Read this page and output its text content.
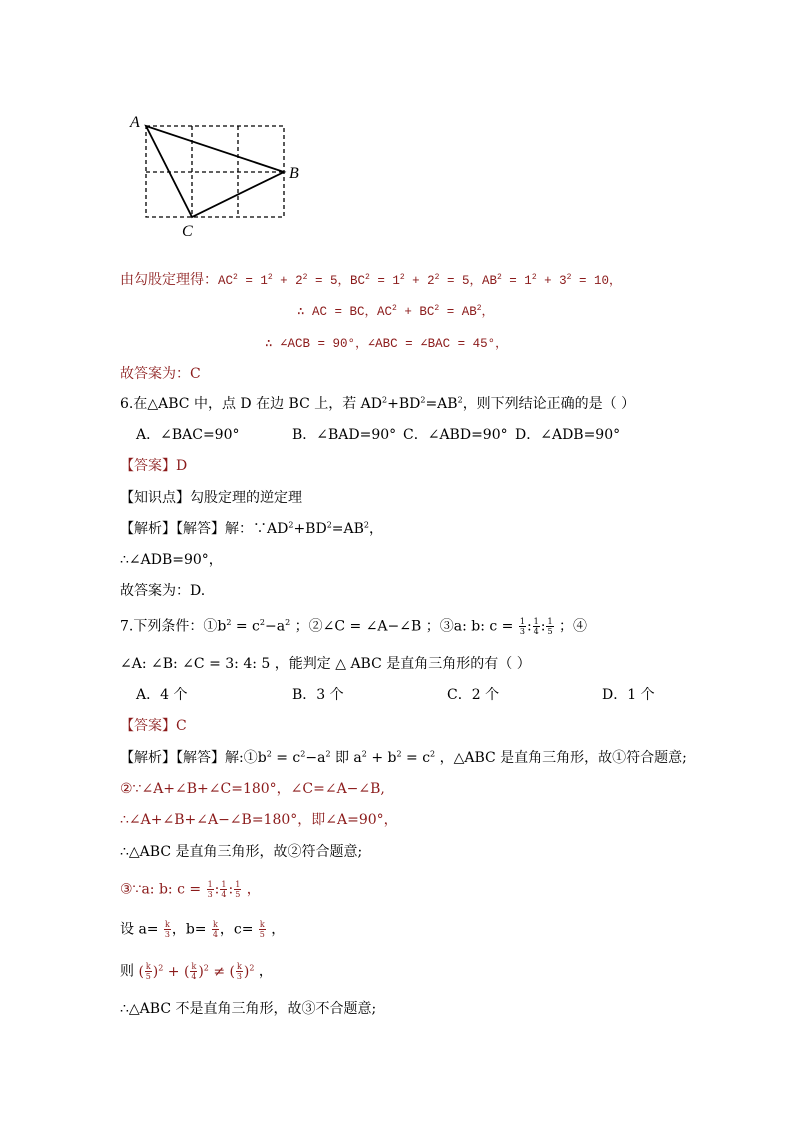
A
B
C
由勾股定理得：$AC^2 = 1^2 + 2^2 = 5$，$BC^2 = 1^2 + 2^2 = 5$，$AB^2 = 1^2 + 3^2 = 10$，
∴ AC = BC，$AC^2 + BC^2 = AB^2$，
∴ ∠ACB = 90°，∠ABC = ∠BAC = 45°，
故答案为：C
6.在△ABC 中，点 D 在边 BC 上，若 $AD^2+BD^2=AB^2$，则下列结论正确的是（ ）
A．∠BAC=90°	B．∠BAD=90° C．∠ABD=90° D．∠ADB=90°
【答案】D
【知识点】勾股定理的逆定理
【解析】【解答】解：$\because AD^2+BD^2=AB^2$，
∴∠ADB=90°，
故答案为：D.
7.下列条件：$①b^2 = c^2-a^2$ ；②∠C = ∠A−∠B ；③a: b: $c = \frac{1}{3}$ : $\frac{1}{4}$ : $\frac{1}{5}$ ；④
∠A: ∠B: ∠C = 3: 4: 5 ，能判定 △ ABC 是直角三角形的有（ ）
A．4 个	B．3 个	C．2 个	D．1 个
【答案】C
【解析】【解答】解$:①b^2 = c^2-a^2$ 即 $a^2 + b^2 = c^2$ ，△ABC 是直角三角形，故①符合题意;
②∵∠A+∠B+∠C=180°，∠C=∠A−∠B,
∴∠A+∠B+∠A−∠B=180°，即∠A=90°，
∴△ABC 是直角三角形，故②符合题意;
③∵a: b: $c = \frac{1}{3}$ : $\frac{1}{4}$ : $\frac{1}{5}$ ，
设 $a= \frac{k}{3}$ ，$b= \frac{k}{4}$ ，$c= \frac{k}{5}$ ，
则 ( $\frac{k}{5} )^2$ + ( $\frac{k}{4} )^2$ ≠ ( $\frac{k}{3} )^2$ ，
∴△ABC 不是直角三角形，故③不合题意;
